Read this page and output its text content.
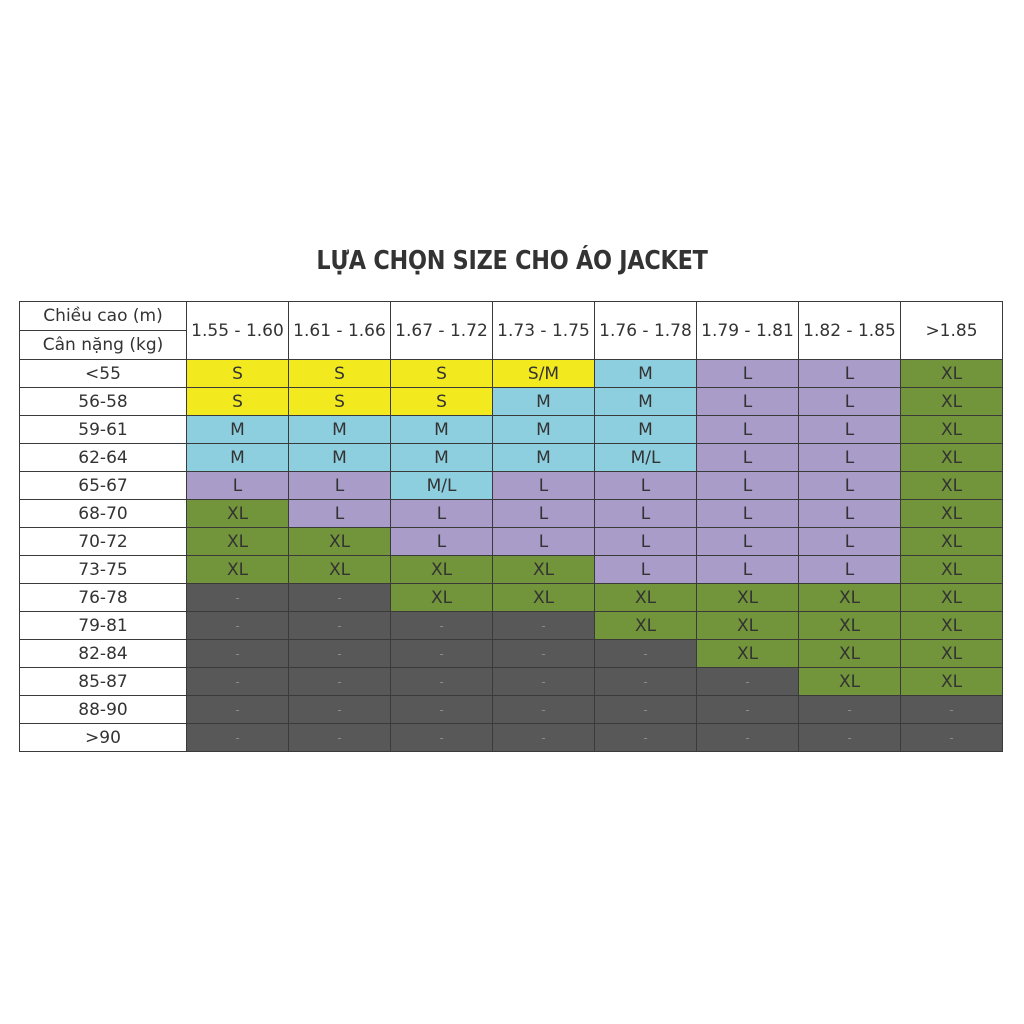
LỰA CHỌN SIZE CHO ÁO JACKET
Chiều cao (m)	1.55 - 1.60	1.61 - 1.66	1.67 - 1.72	1.73 - 1.75	1.76 - 1.78	1.79 - 1.81	1.82 - 1.85	>1.85
Cân nặng (kg)								
<55	S	S	S	S/M	M	L	L	XL
56-58	S	S	S	M	M	L	L	XL
59-61	M	M	M	M	M	L	L	XL
62-64	M	M	M	M	M/L	L	L	XL
65-67	L	L	M/L	L	L	L	L	XL
68-70	XL	L	L	L	L	L	L	XL
70-72	XL	XL	L	L	L	L	L	XL
73-75	XL	XL	XL	XL	L	L	L	XL
76-78	-	-	XL	XL	XL	XL	XL	XL
79-81	-	-	-	-	XL	XL	XL	XL
82-84	-	-	-	-	-	XL	XL	XL
85-87	-	-	-	-	-	-	XL	XL
88-90	-	-	-	-	-	-	-	-
>90	-	-	-	-	-	-	-	-
